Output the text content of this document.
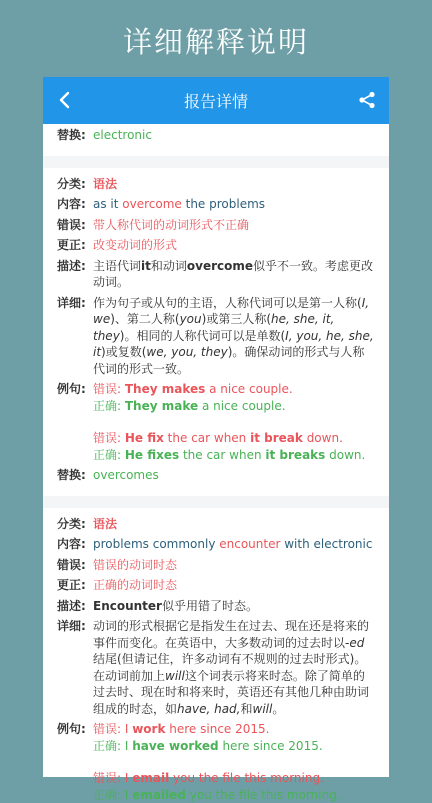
详细解释说明
报告详情
替换: electronic
分类: 语法
内容: as it overcome the problems
错误: 带人称代词的动词形式不正确
更正: 改变动词的形式
描述: 主语代词it和动词overcome似乎不一致。考虑更改动词。
详细: 作为句子或从句的主语，人称代词可以是第一人称(I, we)、第二人称(you)或第三人称(he, she, it, they)。相同的人称代词可以是单数(I, you, he, she, it)或复数(we, you, they)。确保动词的形式与人称代词的形式一致。
例句: 错误: They makes a nice couple.
正确: They make a nice couple.
错误: He fix the car when it break down.
正确: He fixes the car when it breaks down.
替换: overcomes
分类: 语法
内容: problems commonly encounter with electronic
错误: 错误的动词时态
更正: 正确的动词时态
描述: Encounter似乎用错了时态。
详细: 动词的形式根据它是指发生在过去、现在还是将来的事件而变化。在英语中，大多数动词的过去时以-ed结尾(但请记住，许多动词有不规则的过去时形式)。在动词前加上will这个词表示将来时态。除了简单的过去时、现在时和将来时，英语还有其他几种由助词组成的时态，如have, had,和will。
例句: 错误: I work here since 2015.
正确: I have worked here since 2015.
错误: I email you the file this morning.
正确: I emailed you the file this morning.
